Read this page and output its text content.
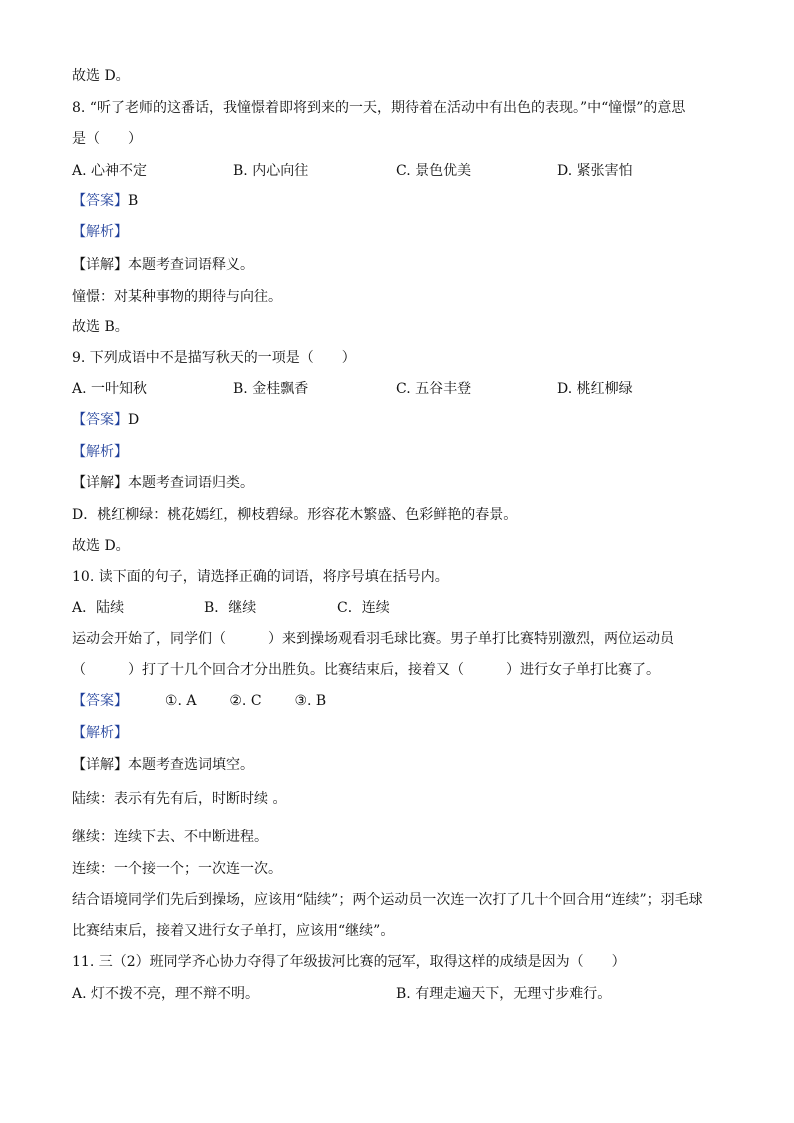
故选 D。
8. “听了老师的这番话，我憧憬着即将到来的一天，期待着在活动中有出色的表现。”中“憧憬”的意思
是（　　）
A. 心神不定	B. 内心向往	C. 景色优美	D. 紧张害怕
【答案】B
【解析】
【详解】本题考查词语释义。
憧憬：对某种事物的期待与向往。
故选 B。
9. 下列成语中不是描写秋天的一项是（　　）
A. 一叶知秋	B. 金桂飘香	C. 五谷丰登	D. 桃红柳绿
【答案】D
【解析】
【详解】本题考查词语归类。
D．桃红柳绿：桃花嫣红，柳枝碧绿。形容花木繁盛、色彩鲜艳的春景。
故选 D。
10. 读下面的句子，请选择正确的词语，将序号填在括号内。
A．陆续	B．继续	C．连续
运动会开始了，同学们（　　　）来到操场观看羽毛球比赛。男子单打比赛特别激烈，两位运动员
（　　　）打了十几个回合才分出胜负。比赛结束后，接着又（　　　）进行女子单打比赛了。
【答案】	①. A ②. C ③. B
【解析】
【详解】本题考查选词填空。
陆续：表示有先有后，时断时续 。
继续：连续下去、不中断进程。
连续：一个接一个；一次连一次。
结合语境同学们先后到操场，应该用“陆续”；两个运动员一次连一次打了几十个回合用“连续”；羽毛球
比赛结束后，接着又进行女子单打，应该用“继续”。
11. 三（2）班同学齐心协力夺得了年级拔河比赛的冠军，取得这样的成绩是因为（　　）
A. 灯不拨不亮，理不辩不明。	B. 有理走遍天下，无理寸步难行。
